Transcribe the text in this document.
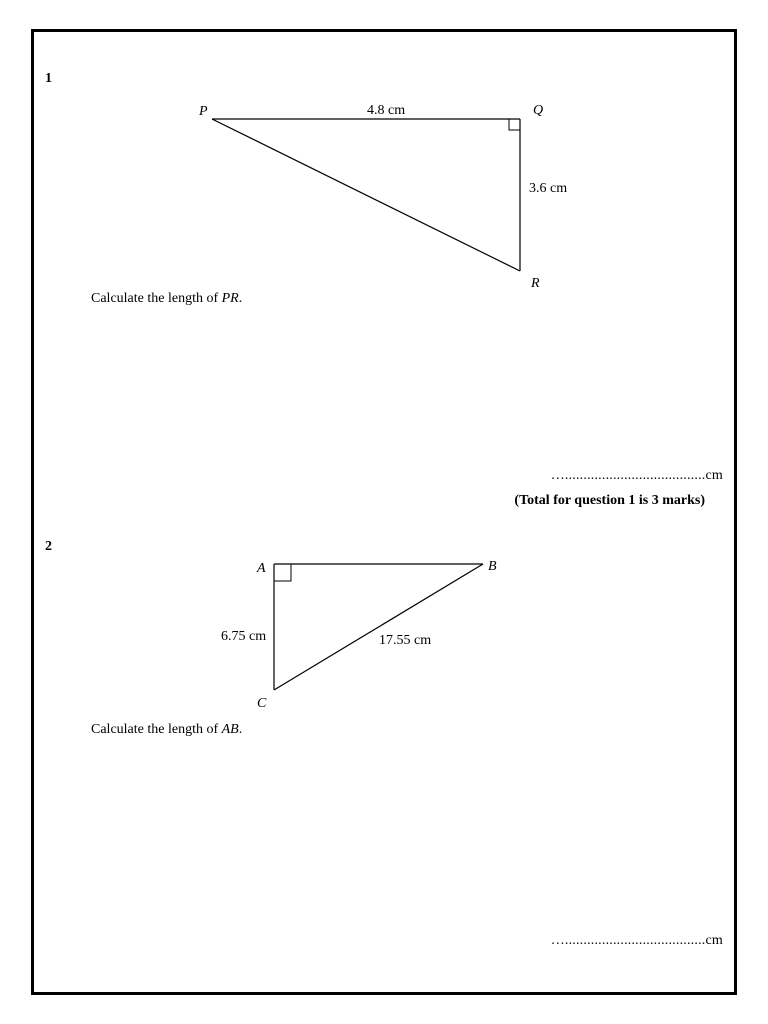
1
P	Q
R
4.8 cm
3.6 cm
A	B
C
6.75 cm	17.55 cm
Calculate the length of PR.
…......................................cm
(Total for question 1 is 3 marks)
2
Calculate the length of AB.
…......................................cm
